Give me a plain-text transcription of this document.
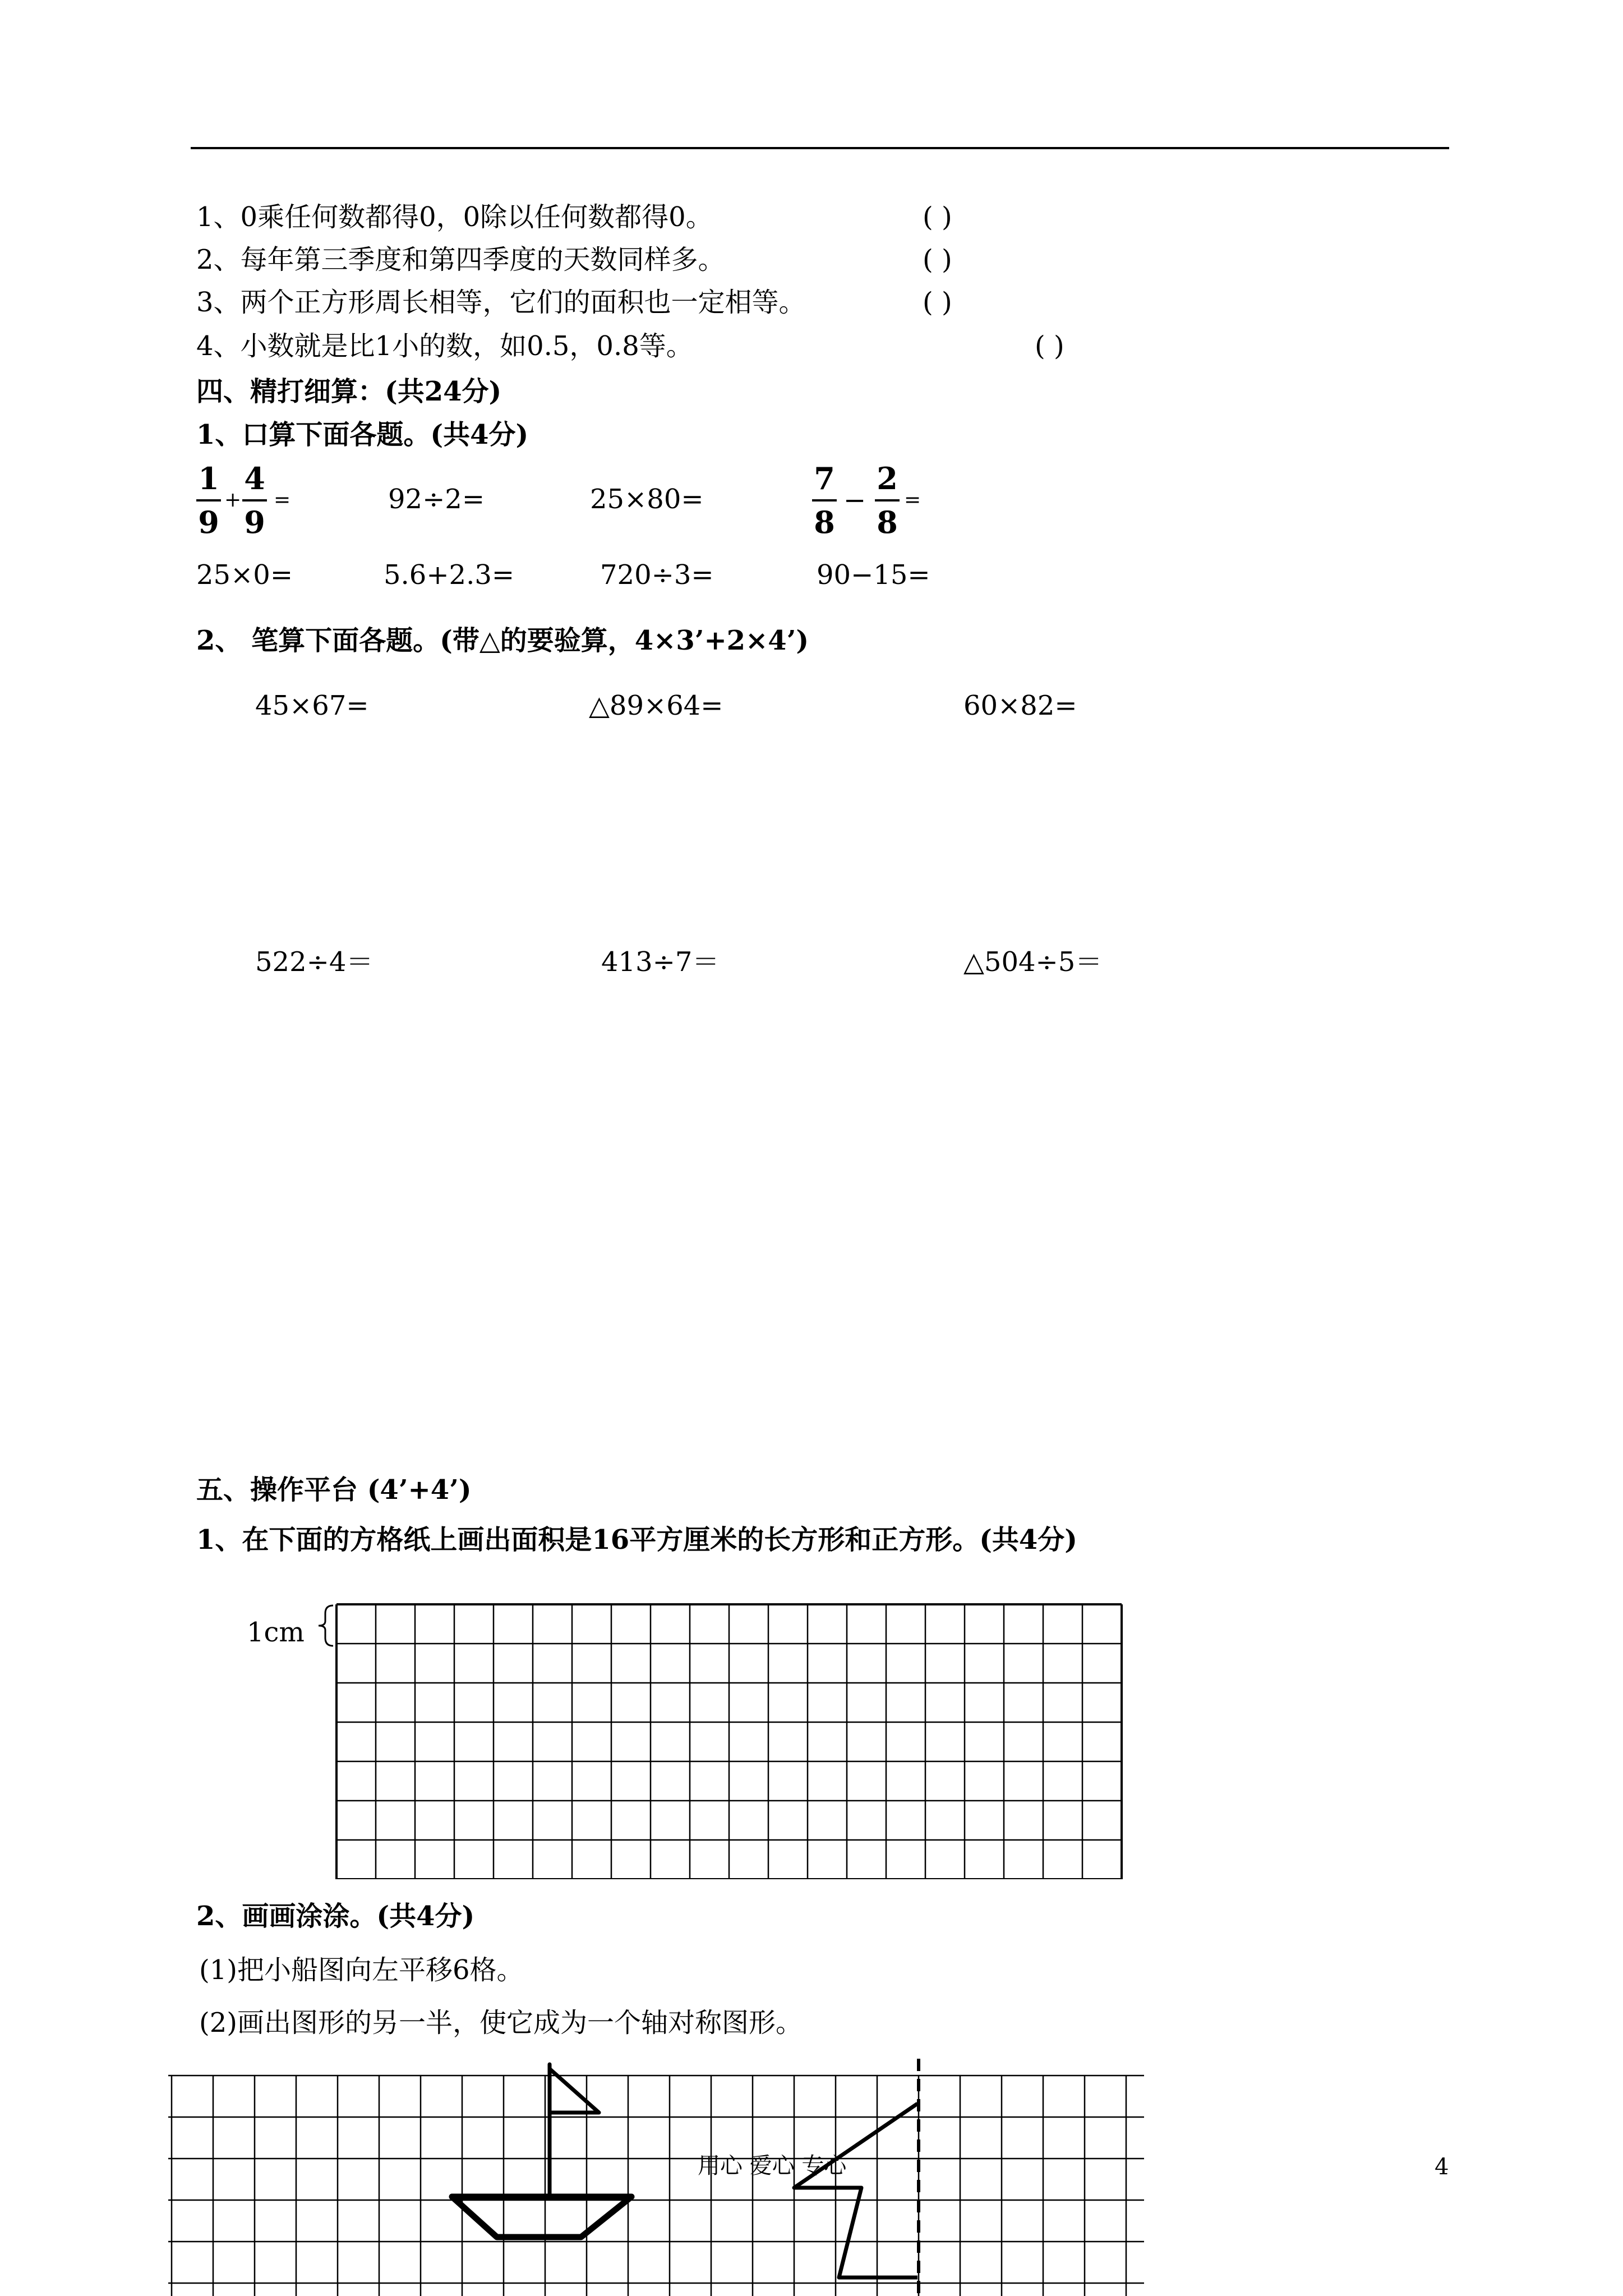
1、0乘任何数都得0，0除以任何数都得0。	( )
2、每年第三季度和第四季度的天数同样多。	( )
3、两个正方形周长相等，它们的面积也一定相等。	( )
4、小数就是比1小的数，如0.5，0.8等。	( )
四、精打细算：(共24分)
1、口算下面各题。(共4分)
1
9
+
4
9
=	92÷2=	25×80=
7
8
−
2
8
=
25×0=	5.6+2.3=	720÷3=	90−15=
2、 笔算下面各题。(带△的要验算，4×3’+2×4’)
45×67=	△89×64=	60×82=
522÷4＝	413÷7＝	△504÷5＝
五、操作平台 (4’+4’)
1、在下面的方格纸上画出面积是16平方厘米的长方形和正方形。(共4分)
1cm
2、画画涂涂。(共4分)
(1)把小船图向左平移6格。
(2)画出图形的另一半，使它成为一个轴对称图形。
用心 爱心 专心	4
